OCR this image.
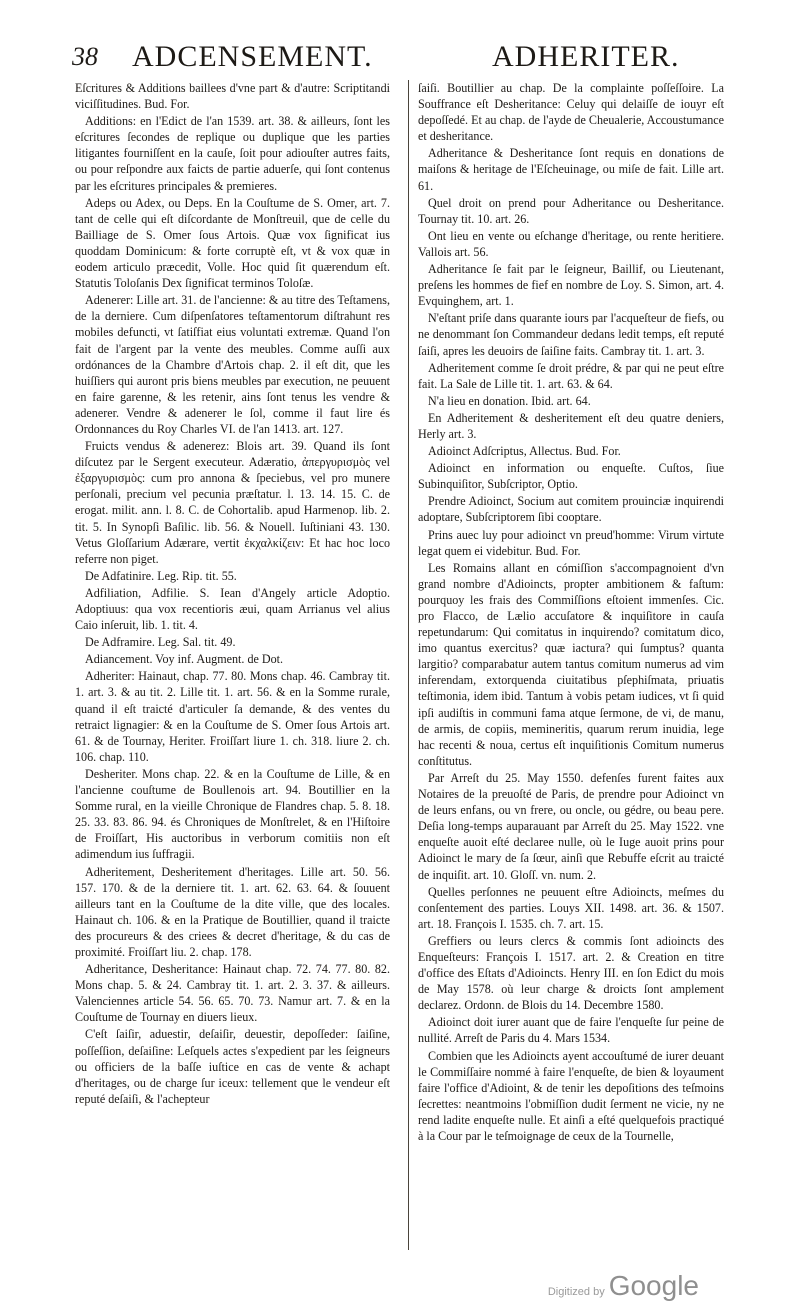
38 ADCENSEMENT.	ADHERITER.

Eſcritures & Additions baillees d'vne part & d'autre: Scriptitandi viciſſitudines. Bud. For.

Additions: en l'Edict de l'an 1539. art. 38. & ailleurs, ſont les eſcritures ſecondes de replique ou duplique que les parties litigantes fourniſſent en la cauſe, ſoit pour adiouſter autres faits, ou pour reſpondre aux faicts de partie aduerſe, qui ſont contenus par les eſcritures principales & premieres.

Adeps ou Adex, ou Deps. En la Couſtume de S. Omer, art. 7. tant de celle qui eſt diſcordante de Monſtreuil, que de celle du Bailliage de S. Omer ſous Artois. Quæ vox ſignificat ius quoddam Dominicum: & forte corruptè eſt, vt & vox quæ in eodem articulo præcedit, Volle. Hoc quid ſit quærendum eſt. Statutis Toloſanis Dex ſignificat terminos Toloſæ.

Adenerer: Lille art. 31. de l'ancienne: & au titre des Teſtamens, de la derniere. Cum diſpenſatores teſtamentorum diſtrahunt res mobiles defuncti, vt ſatiſfiat eius voluntati extremæ. Quand l'on fait de l'argent par la vente des meubles. Comme auſſi aux ordónances de la Chambre d'Artois chap. 2. il eſt dit, que les huiſſiers qui auront pris biens meubles par execution, ne peuuent en faire garenne, & les retenir, ains ſont tenus les vendre & adenerer. Vendre & adenerer le ſol, comme il faut lire és Ordonnances du Roy Charles VI. de l'an 1413. art. 127.

Fruicts vendus & adenerez: Blois art. 39. Quand ils ſont diſcutez par le Sergent executeur. Adæratio, ἀπεργυρισμὸς vel ἐξαργυρισμὸς: cum pro annona & ſpeciebus, vel pro munere perſonali, precium vel pecunia præſtatur. l. 13. 14. 15. C. de erogat. milit. ann. l. 8. C. de Cohortalib. apud Harmenop. lib. 2. tit. 5. In Synopſi Baſilic. lib. 56. & Nouell. Iuſtiniani 43. 130. Vetus Gloſſarium Adærare, vertit ἐκχαλκίζειν: Et hac hoc loco referre non piget.

De Adfatinire. Leg. Rip. tit. 55.

Adfiliation, Adfilie. S. Iean d'Angely article Adoptio. Adoptiuus: qua vox recentioris æui, quam Arrianus vel alius Caio inſeruit, lib. 1. tit. 4.

De Adframire. Leg. Sal. tit. 49.

Adiancement. Voy inf. Augment. de Dot.

Adheriter: Hainaut, chap. 77. 80. Mons chap. 46. Cambray tit. 1. art. 3. & au tit. 2. Lille tit. 1. art. 56. & en la Somme rurale, quand il eſt traicté d'articuler ſa demande, & des ventes du retraict lignagier: & en la Couſtume de S. Omer ſous Artois art. 61. & de Tournay, Heriter. Froiſſart liure 1. ch. 318. liure 2. ch. 106. chap. 110.

Desheriter. Mons chap. 22. & en la Couſtume de Lille, & en l'ancienne couſtume de Boullenois art. 94. Boutillier en la Somme rural, en la vieille Chronique de Flandres chap. 5. 8. 18. 25. 33. 83. 86. 94. és Chroniques de Monſtrelet, & en l'Hiſtoire de Froiſſart, His auctoribus in verborum comitiis non eſt adimendum ius ſuffragii.

Adheritement, Desheritement d'heritages. Lille art. 50. 56. 157. 170. & de la derniere tit. 1. art. 62. 63. 64. & ſouuent ailleurs tant en la Couſtume de la dite ville, que des locales. Hainaut ch. 106. & en la Pratique de Boutillier, quand il traicte des procureurs & des criees & decret d'heritage, & du cas de proximité. Froiſſart liu. 2. chap. 178.

Adheritance, Desheritance: Hainaut chap. 72. 74. 77. 80. 82. Mons chap. 5. & 24. Cambray tit. 1. art. 2. 3. 37. & ailleurs. Valenciennes article 54. 56. 65. 70. 73. Namur art. 7. & en la Couſtume de Tournay en diuers lieux.

C'eſt ſaiſir, aduestir, deſaiſir, deuestir, depoſſeder: ſaiſine, poſſeſſion, deſaiſine: Leſquels actes s'expedient par les ſeigneurs ou officiers de la baſſe iuſtice en cas de vente & achapt d'heritages, ou de charge ſur iceux: tellement que le vendeur eſt reputé deſaiſi, & l'achepteur

ſaiſi. Boutillier au chap. De la complainte poſſeſſoire. La Souffrance eſt Desheritance: Celuy qui delaiſſe de iouyr eſt depoſſedé. Et au chap. de l'ayde de Cheualerie, Accoustumance et desheritance.

Adheritance & Desheritance ſont requis en donations de maiſons & heritage de l'Eſcheuinage, ou miſe de fait. Lille art. 61.

Quel droit on prend pour Adheritance ou Desheritance. Tournay tit. 10. art. 26.

Ont lieu en vente ou eſchange d'heritage, ou rente heritiere. Vallois art. 56.

Adheritance ſe fait par le ſeigneur, Baillif, ou Lieutenant, preſens les hommes de fief en nombre de Loy. S. Simon, art. 4. Evquinghem, art. 1.

N'eſtant priſe dans quarante iours par l'acqueſteur de fiefs, ou ne denommant ſon Commandeur dedans ledit temps, eſt reputé ſaiſi, apres les deuoirs de ſaiſine faits. Cambray tit. 1. art. 3.

Adheritement comme ſe droit prédre, & par qui ne peut eſtre fait. La Sale de Lille tit. 1. art. 63. & 64.

N'a lieu en donation. Ibid. art. 64.

En Adheritement & desheritement eſt deu quatre deniers, Herly art. 3.

Adioinct Adſcriptus, Allectus. Bud. For.

Adioinct en information ou enqueſte. Cuſtos, ſiue Subinquiſitor, Subſcriptor, Optio.

Prendre Adioinct, Socium aut comitem prouinciæ inquirendi adoptare, Subſcriptorem ſibi cooptare.

Prins auec luy pour adioinct vn preud'homme: Virum virtute legat quem ei videbitur. Bud. For.

Les Romains allant en cómiſſion s'accompagnoient d'vn grand nombre d'Adioincts, propter ambitionem & faſtum: pourquoy les frais des Commiſſions eſtoient immenſes. Cic. pro Flacco, de Lælio accuſatore & inquiſitore in cauſa repetundarum: Qui comitatus in inquirendo? comitatum dico, imo quantus exercitus? quæ iactura? qui ſumptus? quanta largitio? comparabatur autem tantus comitum numerus ad vim inferendam, extorquenda ciuitatibus pſephiſmata, priuatis teſtimonia, idem ibid. Tantum à vobis petam iudices, vt ſi quid ipſi audiſtis in communi fama atque ſermone, de vi, de manu, de armis, de copiis, memineritis, quarum rerum inuidia, lege hac recenti & noua, certus eſt inquiſitionis Comitum numerus conſtitutus.

Par Arreſt du 25. May 1550. defenſes furent faites aux Notaires de la preuoſté de Paris, de prendre pour Adioinct vn de leurs enfans, ou vn frere, ou oncle, ou gédre, ou beau pere. Deſia long-temps auparauant par Arreſt du 25. May 1522. vne enqueſte auoit eſté declaree nulle, où le Iuge auoit prins pour Adioinct le mary de ſa ſœur, ainſi que Rebuffe eſcrit au traicté de inquiſit. art. 10. Gloſſ. vn. num. 2.

Quelles perſonnes ne peuuent eſtre Adioincts, meſmes du conſentement des parties. Louys XII. 1498. art. 36. & 1507. art. 18. François I. 1535. ch. 7. art. 15.

Greffiers ou leurs clercs & commis ſont adioincts des Enqueſteurs: François I. 1517. art. 2. & Creation en titre d'office des Eſtats d'Adioincts. Henry III. en ſon Edict du mois de May 1578. où leur charge & droicts ſont amplement declarez. Ordonn. de Blois du 14. Decembre 1580.

Adioinct doit iurer auant que de faire l'enqueſte ſur peine de nullité. Arreſt de Paris du 4. Mars 1534.

Combien que les Adioincts ayent accouſtumé de iurer deuant le Commiſſaire nommé à faire l'enqueſte, de bien & loyaument faire l'office d'Adioint, & de tenir les depoſitions des teſmoins ſecrettes: neantmoins l'obmiſſion dudit ſerment ne vicie, ny ne rend ladite enqueſte nulle. Et ainſi a eſté quelquefois practiqué à la Cour par le teſmoignage de ceux de la Tournelle,

Digitized by Google
